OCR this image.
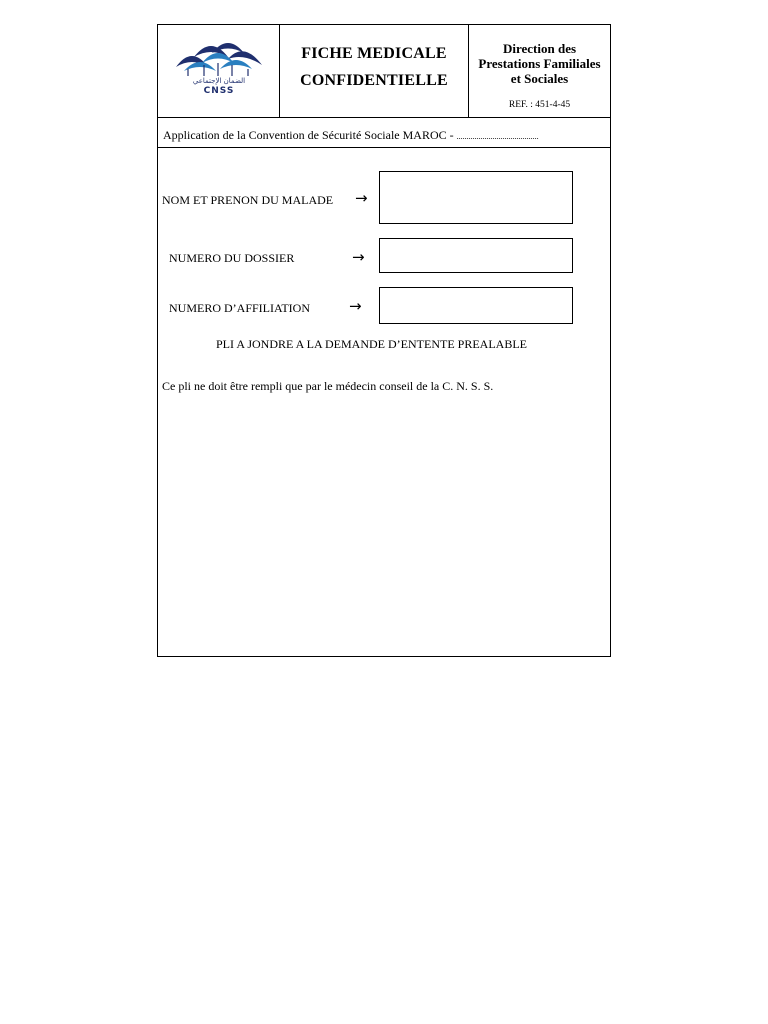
الضمان الإجتماعي
CNSS
FICHE MEDICALE
CONFIDENTIELLE
Direction des
Prestations Familiales
et Sociales
REF. : 451-4-45
Application de la Convention de Sécurité Sociale MAROC - .........................................
NOM ET PRENON DU MALADE →
NUMERO DU DOSSIER	→
NUMERO D’AFFILIATION	→
PLI A JONDRE A LA DEMANDE D’ENTENTE PREALABLE
Ce pli ne doit être rempli que par le médecin conseil de la C. N. S. S.
